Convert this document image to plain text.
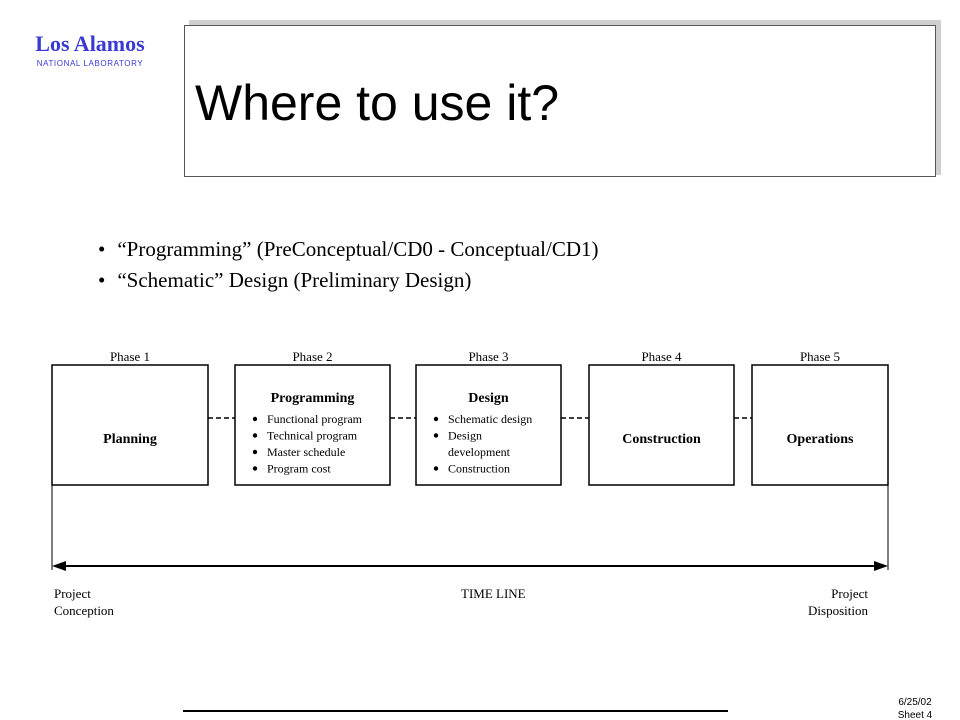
Los Alamos
NATIONAL LABORATORY
Where to use it?
• “Programming” (PreConceptual/CD0 - Conceptual/CD1)
• “Schematic” Design (Preliminary Design)
Phase 1
Planning
Phase 2
Programming
Functional program
Technical program
Master schedule
Program cost
Phase 3
Design
Schematic design
Design
development
Construction
Phase 4
Construction
Phase 5
Operations
TIME LINE
Project
Conception
Project
Disposition
6/25/02
Sheet 4
